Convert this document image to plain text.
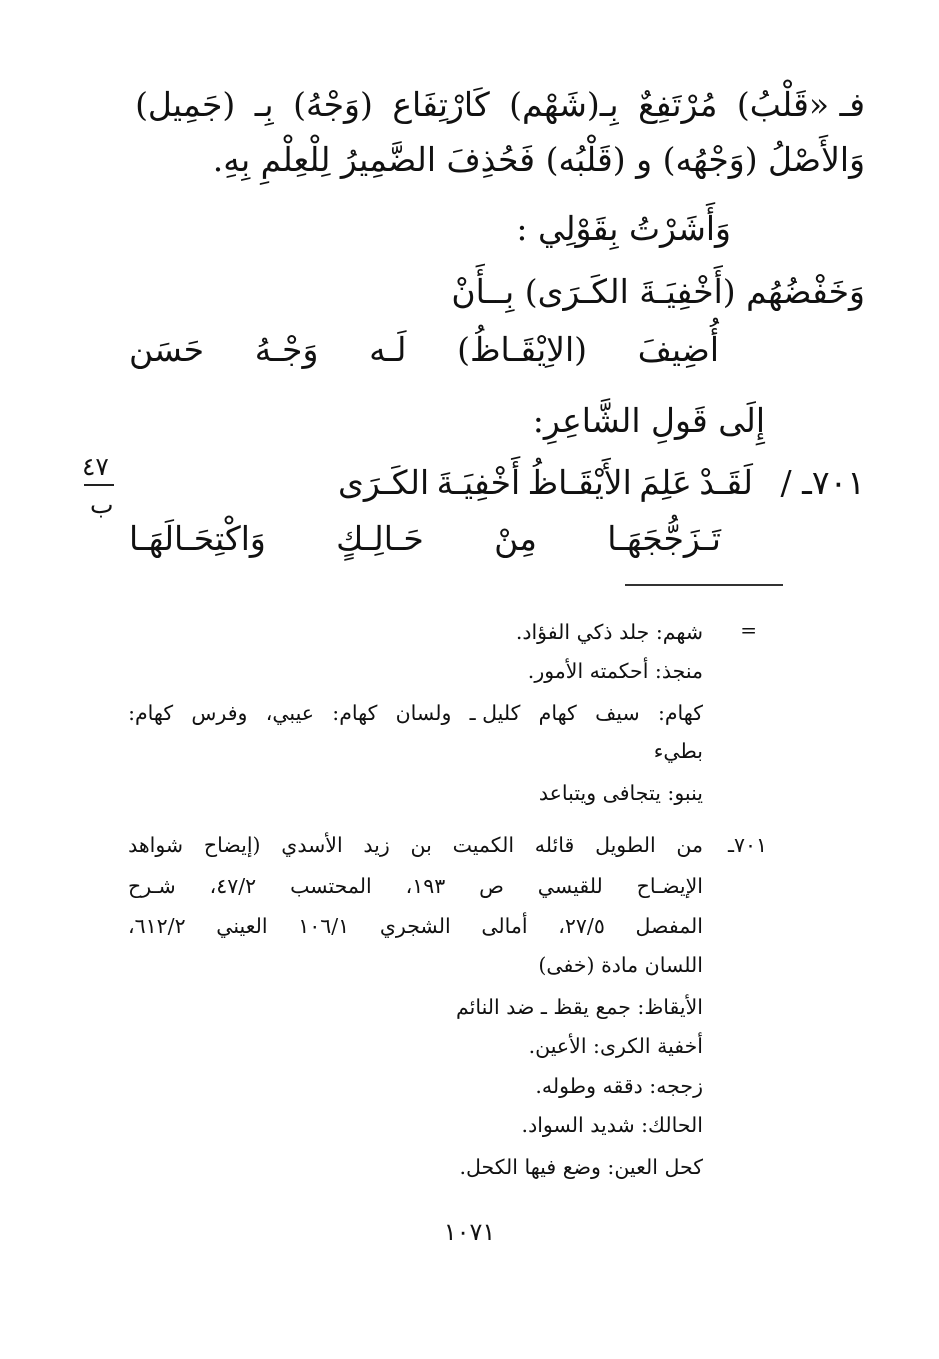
فـ «قَلْبُ)
مُرْتَفِعٌ
بِـ(شَهْم)
كَارْتِفَاع
(وَجْهُ)
بِـ
(جَمِيل)
وَالأَصْلُ (وَجْهُه) و (قَلْبُه) فَحُذِفَ الضَّمِيرُ لِلْعِلْمِ بِهِ.
وَأَشَرْتُ بِقَوْلِي :
وَخَفْضُهُم (أَخْفِيَـةَ الكَـرَى) بِــأَنْ
أُضِيفَ
(الاِيْقَـاظُ)
لَـه
وَجْـهُ
حَسَن
إِلَى قَولِ الشَّاعِرِ:
٧٠١ـ /
لَقَـدْ
عَلِمَ
الأَيْقَـاظُ
أَخْفِيَـةَ
الكَـرَى
تَـزَجُّجَهَـا
مِنْ
حَـالِـكٍ
وَاكْتِحَـالَهَـا
٤٧
ب
=
شهم: جلد ذكي الفؤاد.
منجذ: أحكمته الأمور.
كهام:
سيف
كهام
كليل ـ
ولسان
كهام:
عيبي،
وفرس
كهام:
بطيء
ينبو: يتجافى ويتباعد
٧٠١ـ
من
الطويل
قائله
الكميت
بن
زيد
الأسدي
(إيضاح
شواهد
الإيضـاح
للقيسي
ص
١٩٣،
المحتسب
٤٧/٢،
شـرح
المفصل
٢٧/٥،
أمالى
الشجري
١٠٦/١
العيني
٦١٢/٢،
اللسان مادة (خفى)
الأيقاظ: جمع يقظ ـ ضد النائم
أخفية الكرى: الأعين.
زججه: دققه وطوله.
الحالك: شديد السواد.
كحل العين: وضع فيها الكحل.
١٠٧١
